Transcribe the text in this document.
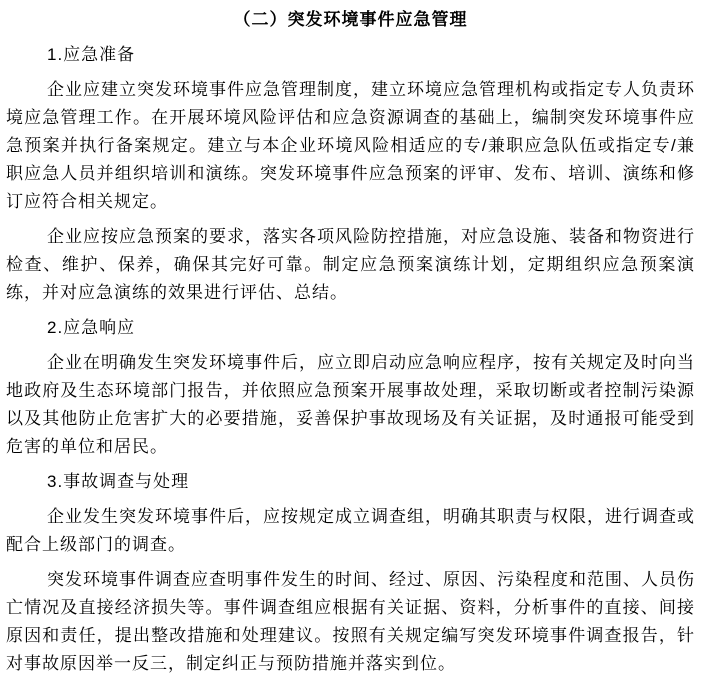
（二）突发环境事件应急管理
1.应急准备
企业应建立突发环境事件应急管理制度，建立环境应急管理机构或指定专人负责环境应急管理工作。在开展环境风险评估和应急资源调查的基础上，编制突发环境事件应急预案并执行备案规定。建立与本企业环境风险相适应的专/兼职应急队伍或指定专/兼职应急人员并组织培训和演练。突发环境事件应急预案的评审、发布、培训、演练和修订应符合相关规定。
企业应按应急预案的要求，落实各项风险防控措施，对应急设施、装备和物资进行检查、维护、保养，确保其完好可靠。制定应急预案演练计划，定期组织应急预案演练，并对应急演练的效果进行评估、总结。
2.应急响应
企业在明确发生突发环境事件后，应立即启动应急响应程序，按有关规定及时向当地政府及生态环境部门报告，并依照应急预案开展事故处理，采取切断或者控制污染源以及其他防止危害扩大的必要措施，妥善保护事故现场及有关证据，及时通报可能受到危害的单位和居民。
3.事故调查与处理
企业发生突发环境事件后，应按规定成立调查组，明确其职责与权限，进行调查或配合上级部门的调查。
突发环境事件调查应查明事件发生的时间、经过、原因、污染程度和范围、人员伤亡情况及直接经济损失等。事件调查组应根据有关证据、资料，分析事件的直接、间接原因和责任，提出整改措施和处理建议。按照有关规定编写突发环境事件调查报告，针对事故原因举一反三，制定纠正与预防措施并落实到位。
